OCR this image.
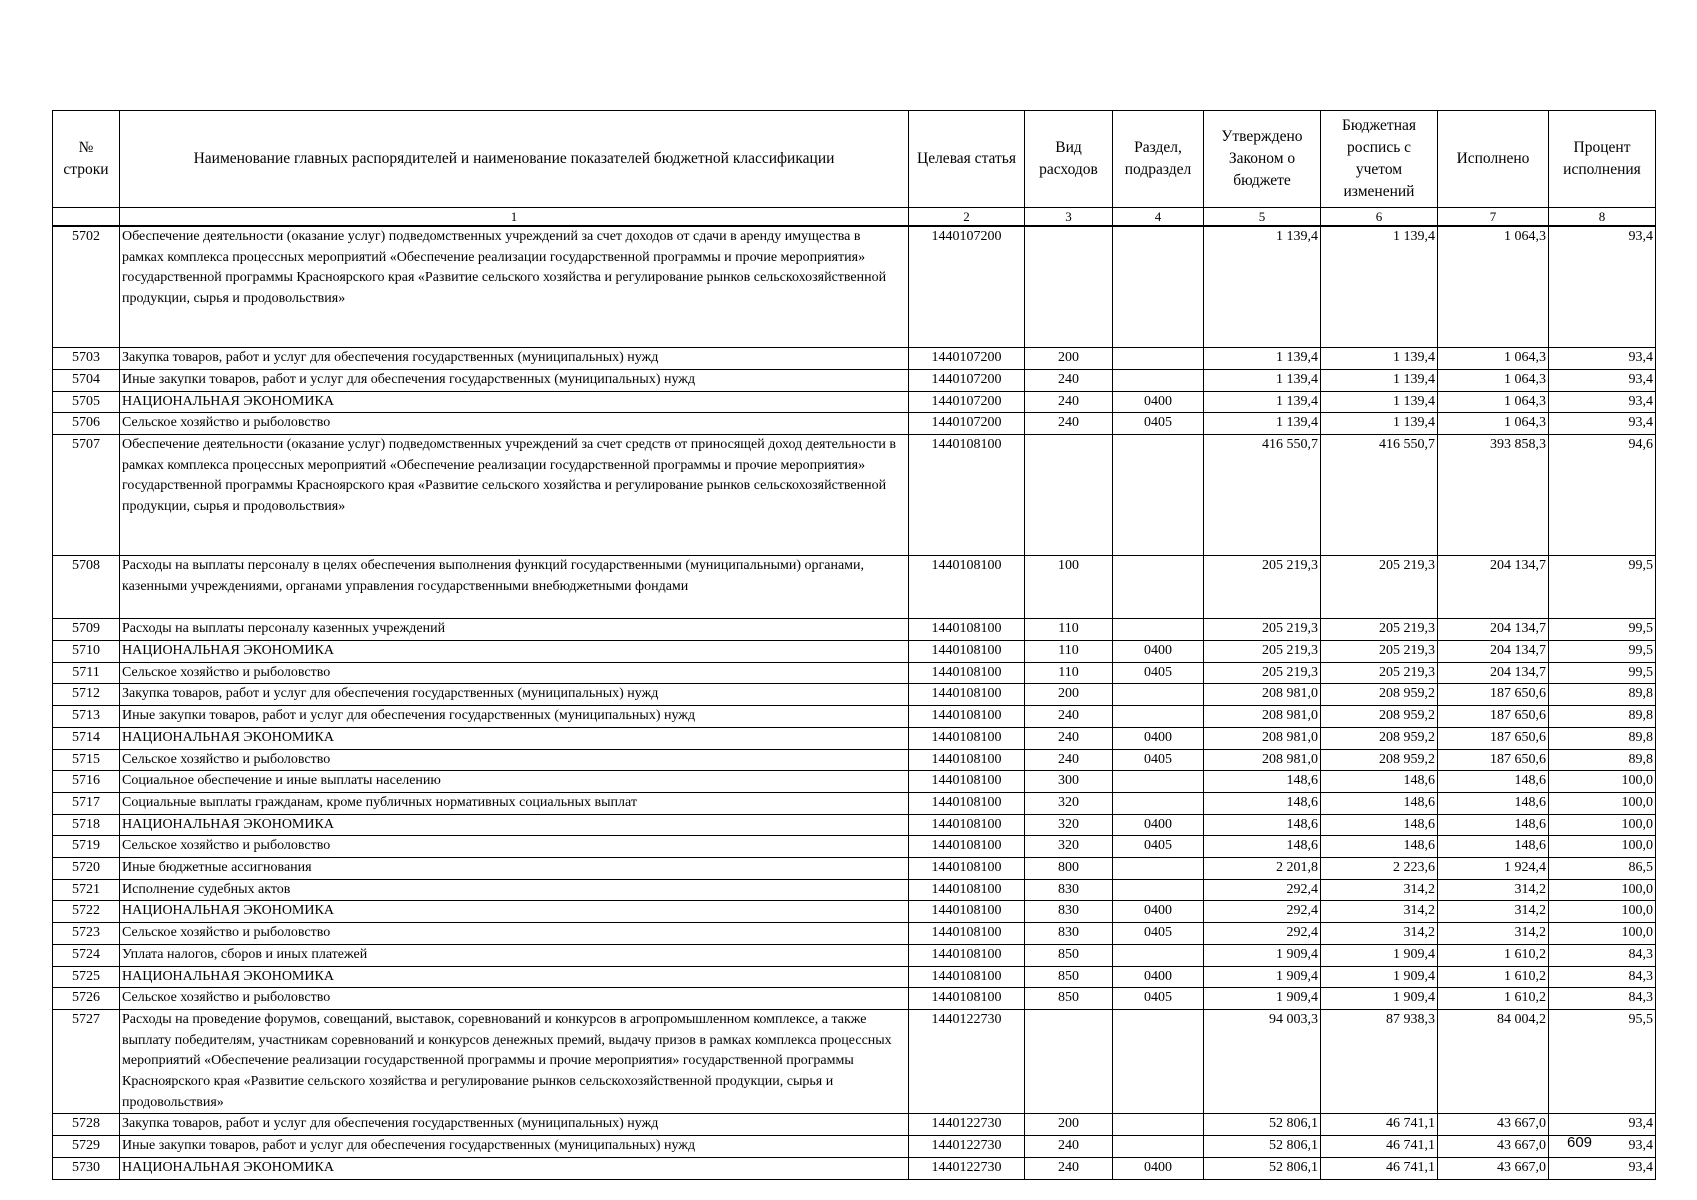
№ строки	Наименование главных распорядителей и наименование показателей бюджетной классификации	Целевая статья	Вид расходов	Раздел, подраздел	Утверждено Законом о бюджете	Бюджетная роспись с учетом изменений	Исполнено	Процент исполнения
	1	2	3	4	5	6	7	8
5702	Обеспечение деятельности (оказание услуг) подведомственных учреждений за счет доходов от сдачи в аренду имущества в рамках комплекса процессных мероприятий «Обеспечение реализации государственной программы и прочие мероприятия» государственной программы Красноярского края «Развитие сельского хозяйства и регулирование рынков сельскохозяйственной продукции, сырья и продовольствия»	1440107200			1 139,4	1 139,4	1 064,3	93,4
5703	Закупка товаров, работ и услуг для обеспечения государственных (муниципальных) нужд	1440107200	200		1 139,4	1 139,4	1 064,3	93,4
5704	Иные закупки товаров, работ и услуг для обеспечения государственных (муниципальных) нужд	1440107200	240		1 139,4	1 139,4	1 064,3	93,4
5705	НАЦИОНАЛЬНАЯ ЭКОНОМИКА	1440107200	240	0400	1 139,4	1 139,4	1 064,3	93,4
5706	Сельское хозяйство и рыболовство	1440107200	240	0405	1 139,4	1 139,4	1 064,3	93,4
5707	Обеспечение деятельности (оказание услуг) подведомственных учреждений за счет средств от приносящей доход деятельности в рамках комплекса процессных мероприятий «Обеспечение реализации государственной программы и прочие мероприятия» государственной программы Красноярского края «Развитие сельского хозяйства и регулирование рынков сельскохозяйственной продукции, сырья и продовольствия»	1440108100			416 550,7	416 550,7	393 858,3	94,6
5708	Расходы на выплаты персоналу в целях обеспечения выполнения функций государственными (муниципальными) органами, казенными учреждениями, органами управления государственными внебюджетными фондами	1440108100	100		205 219,3	205 219,3	204 134,7	99,5
5709	Расходы на выплаты персоналу казенных учреждений	1440108100	110		205 219,3	205 219,3	204 134,7	99,5
5710	НАЦИОНАЛЬНАЯ ЭКОНОМИКА	1440108100	110	0400	205 219,3	205 219,3	204 134,7	99,5
5711	Сельское хозяйство и рыболовство	1440108100	110	0405	205 219,3	205 219,3	204 134,7	99,5
5712	Закупка товаров, работ и услуг для обеспечения государственных (муниципальных) нужд	1440108100	200		208 981,0	208 959,2	187 650,6	89,8
5713	Иные закупки товаров, работ и услуг для обеспечения государственных (муниципальных) нужд	1440108100	240		208 981,0	208 959,2	187 650,6	89,8
5714	НАЦИОНАЛЬНАЯ ЭКОНОМИКА	1440108100	240	0400	208 981,0	208 959,2	187 650,6	89,8
5715	Сельское хозяйство и рыболовство	1440108100	240	0405	208 981,0	208 959,2	187 650,6	89,8
5716	Социальное обеспечение и иные выплаты населению	1440108100	300		148,6	148,6	148,6	100,0
5717	Социальные выплаты гражданам, кроме публичных нормативных социальных выплат	1440108100	320		148,6	148,6	148,6	100,0
5718	НАЦИОНАЛЬНАЯ ЭКОНОМИКА	1440108100	320	0400	148,6	148,6	148,6	100,0
5719	Сельское хозяйство и рыболовство	1440108100	320	0405	148,6	148,6	148,6	100,0
5720	Иные бюджетные ассигнования	1440108100	800		2 201,8	2 223,6	1 924,4	86,5
5721	Исполнение судебных актов	1440108100	830		292,4	314,2	314,2	100,0
5722	НАЦИОНАЛЬНАЯ ЭКОНОМИКА	1440108100	830	0400	292,4	314,2	314,2	100,0
5723	Сельское хозяйство и рыболовство	1440108100	830	0405	292,4	314,2	314,2	100,0
5724	Уплата налогов, сборов и иных платежей	1440108100	850		1 909,4	1 909,4	1 610,2	84,3
5725	НАЦИОНАЛЬНАЯ ЭКОНОМИКА	1440108100	850	0400	1 909,4	1 909,4	1 610,2	84,3
5726	Сельское хозяйство и рыболовство	1440108100	850	0405	1 909,4	1 909,4	1 610,2	84,3
5727	Расходы на проведение форумов, совещаний, выставок, соревнований и конкурсов в агропромышленном комплексе, а также выплату победителям, участникам соревнований и конкурсов денежных премий, выдачу призов в рамках комплекса процессных мероприятий «Обеспечение реализации государственной программы и прочие мероприятия» государственной программы Красноярского края «Развитие сельского хозяйства и регулирование рынков сельскохозяйственной продукции, сырья и продовольствия»	1440122730			94 003,3	87 938,3	84 004,2	95,5
5728	Закупка товаров, работ и услуг для обеспечения государственных (муниципальных) нужд	1440122730	200		52 806,1	46 741,1	43 667,0	93,4
5729	Иные закупки товаров, работ и услуг для обеспечения государственных (муниципальных) нужд	1440122730	240		52 806,1	46 741,1	43 667,0	93,4
5730	НАЦИОНАЛЬНАЯ ЭКОНОМИКА	1440122730	240	0400	52 806,1	46 741,1	43 667,0	93,4
609
